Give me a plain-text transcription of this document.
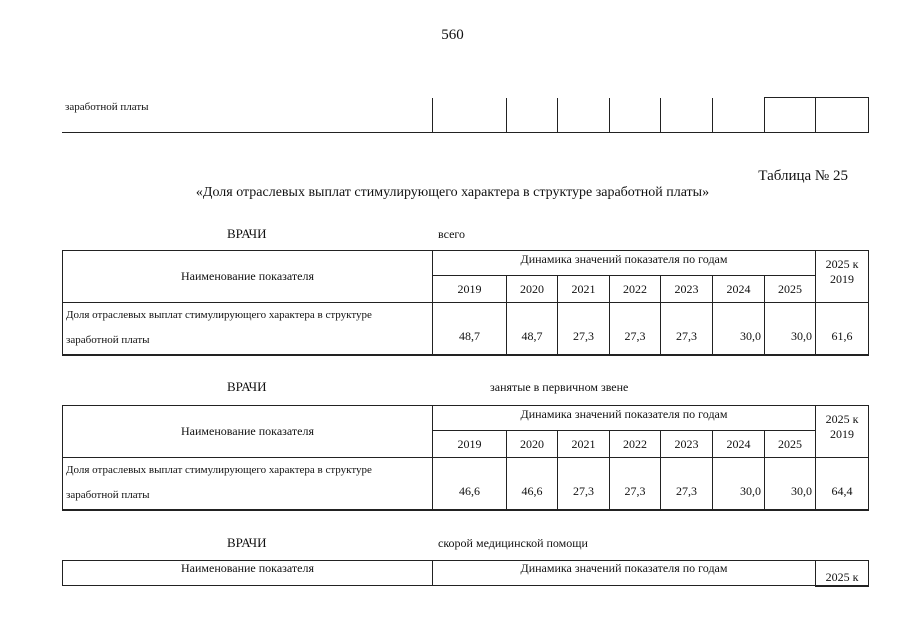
560
заработной платы								
Таблица № 25
«Доля отраслевых выплат стимулирующего характера в структуре заработной платы»
ВРАЧИ	всего
Наименование показателя	Динамика значений показателя по годам							2025 к
2019
	2019	2020	2021	2022	2023	2024	2025	
Доля отраслевых выплат стимулирующего характера в структуре
заработной платы	48,7	48,7	27,3	27,3	27,3	30,0	30,0	61,6
ВРАЧИ	занятые в первичном звене
Наименование показателя	Динамика значений показателя по годам							2025 к
2019
	2019	2020	2021	2022	2023	2024	2025	
Доля отраслевых выплат стимулирующего характера в структуре
заработной платы	46,6	46,6	27,3	27,3	27,3	30,0	30,0	64,4
ВРАЧИ	скорой медицинской помощи
Наименование показателя	Динамика значений показателя по годам	2025 к
